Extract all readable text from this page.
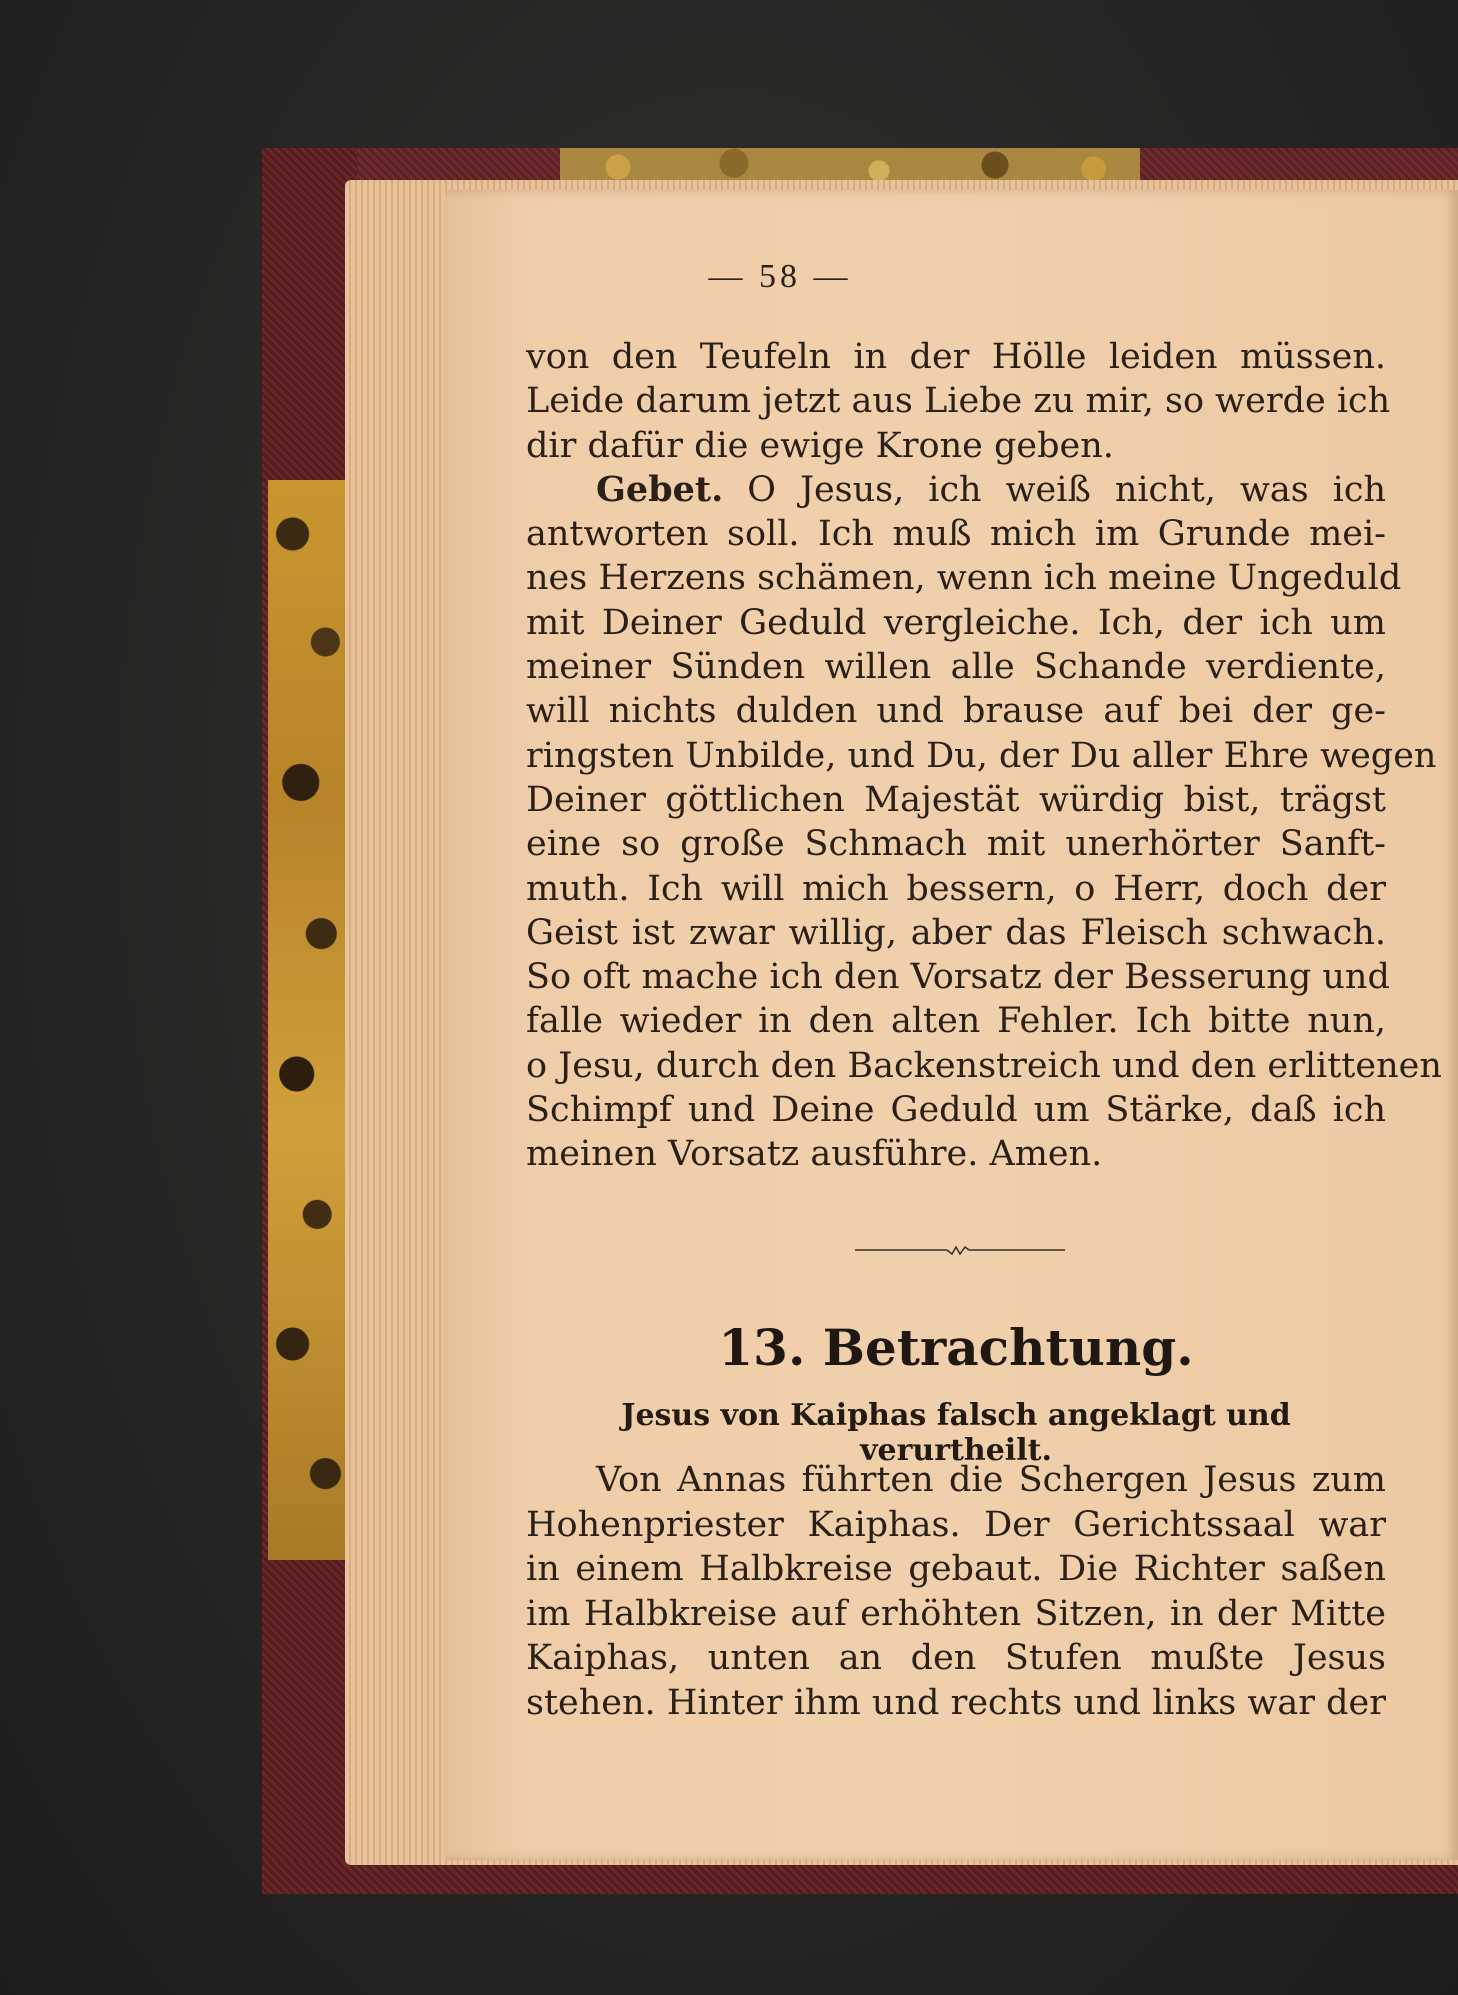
— 58 —
von den Teufeln in der Hölle leiden müssen.
Leide darum jetzt aus Liebe zu mir, so werde ich
dir dafür die ewige Krone geben.
Gebet. O Jesus, ich weiß nicht, was ich
antworten soll. Ich muß mich im Grunde mei-
nes Herzens schämen, wenn ich meine Ungeduld
mit Deiner Geduld vergleiche. Ich, der ich um
meiner Sünden willen alle Schande verdiente,
will nichts dulden und brause auf bei der ge-
ringsten Unbilde, und Du, der Du aller Ehre wegen
Deiner göttlichen Majestät würdig bist, trägst
eine so große Schmach mit unerhörter Sanft-
muth. Ich will mich bessern, o Herr, doch der
Geist ist zwar willig, aber das Fleisch schwach.
So oft mache ich den Vorsatz der Besserung und
falle wieder in den alten Fehler. Ich bitte nun,
o Jesu, durch den Backenstreich und den erlittenen
Schimpf und Deine Geduld um Stärke, daß ich
meinen Vorsatz ausführe. Amen.
13. Betrachtung.
Jesus von Kaiphas falsch angeklagt und verurtheilt.
Von Annas führten die Schergen Jesus zum
Hohenpriester Kaiphas. Der Gerichtssaal war
in einem Halbkreise gebaut. Die Richter saßen
im Halbkreise auf erhöhten Sitzen, in der Mitte
Kaiphas, unten an den Stufen mußte Jesus
stehen. Hinter ihm und rechts und links war der
